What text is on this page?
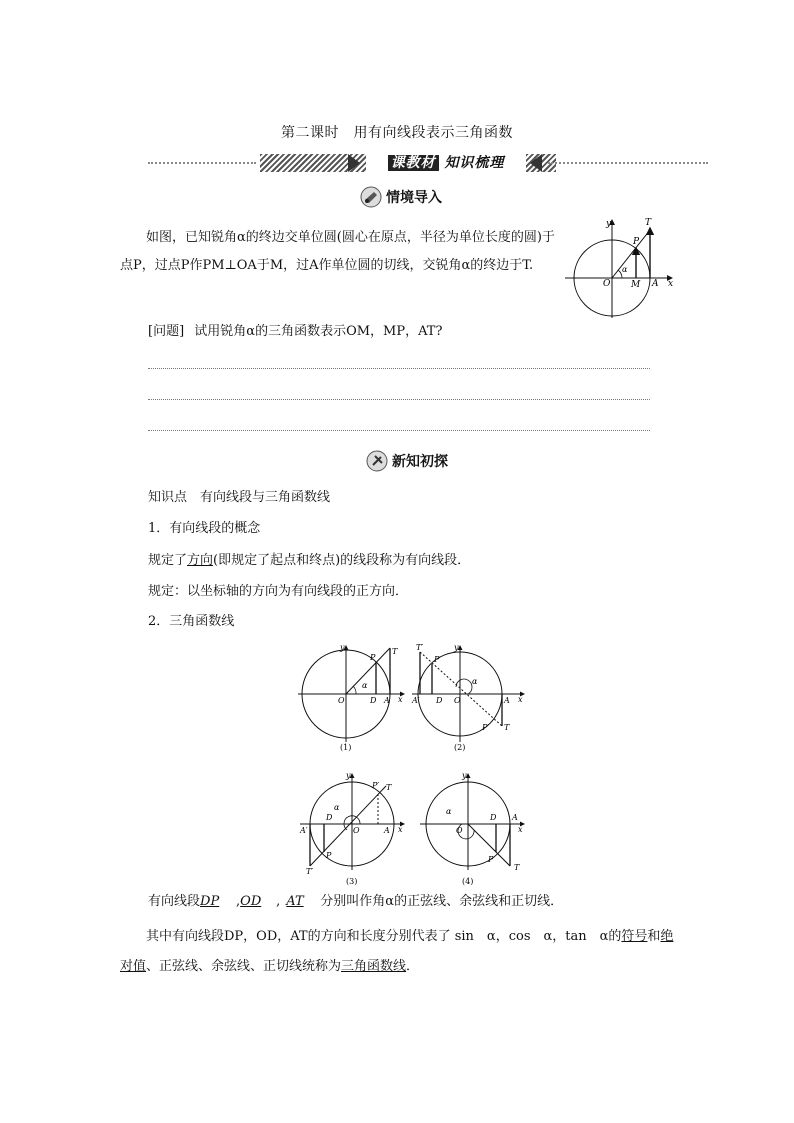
第二课时　用有向线段表示三角函数
课教材 知识梳理
情境导入
如图，已知锐角α的终边交单位圆(圆心在原点，半径为单位长度的圆)于点P，过点P作PM⊥OA于M，过A作单位圆的切线，交锐角α的终边于T.
y
x
O M A
P
T
α
[问题] 试用锐角α的三角函数表示OM，MP，AT?
新知初探
知识点　有向线段与三角函数线
1．有向线段的概念
规定了方向(即规定了起点和终点)的线段称为有向线段．
规定：以坐标轴的方向为有向线段的正方向．
2．三角函数线
y
x
O	D A
P
T
α
(1)
y
x
O
D
A′	A
P
T′
P′ T
α
(2)
y
x
O
D
A′	A
P
T′
P′ T
α
(3)
y
x
O
D A
P
T
α
(4)
有向线段DP ,OD , AT 分别叫作角α的正弦线、余弦线和正切线．
其中有向线段DP，OD，AT的方向和长度分别代表了 sin　α，cos　α，tan　α的符号和绝对值、正弦线、余弦线、正切线统称为三角函数线．
